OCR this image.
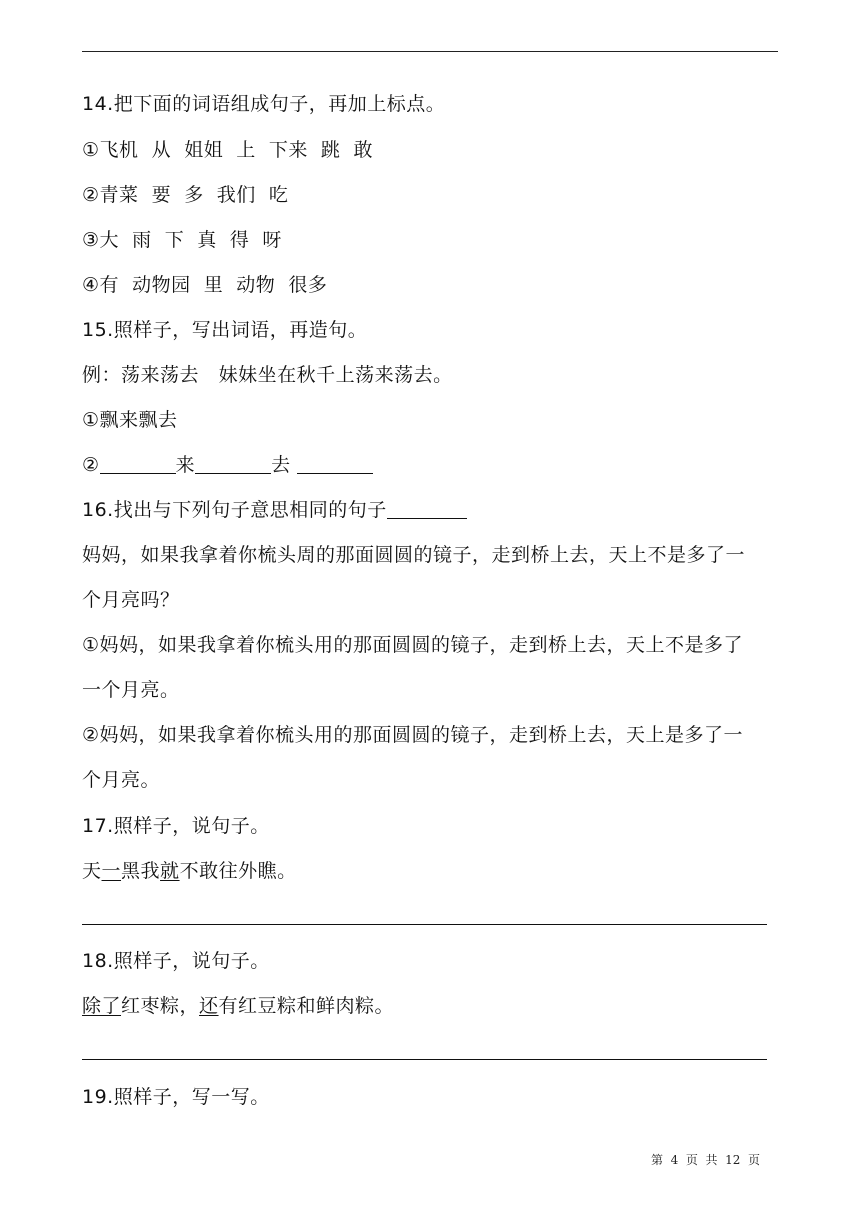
14.把下面的词语组成句子，再加上标点。
①飞机  从  姐姐  上  下来  跳  敢
②青菜  要  多  我们  吃
③大  雨  下  真  得  呀
④有  动物园  里  动物  很多
15.照样子，写出词语，再造句。
例：荡来荡去   妹妹坐在秋千上荡来荡去。
①飘来飘去
②	来	去
16.找出与下列句子意思相同的句子
妈妈，如果我拿着你梳头周的那面圆圆的镜子，走到桥上去，天上不是多了一
个月亮吗？
①妈妈，如果我拿着你梳头用的那面圆圆的镜子，走到桥上去，天上不是多了
一个月亮。
②妈妈，如果我拿着你梳头用的那面圆圆的镜子，走到桥上去，天上是多了一
个月亮。
17.照样子，说句子。
天一黑我就不敢往外瞧。
18.照样子，说句子。
除了红枣粽，还有红豆粽和鲜肉粽。
19.照样子，写一写。
第  4  页  共  12  页
